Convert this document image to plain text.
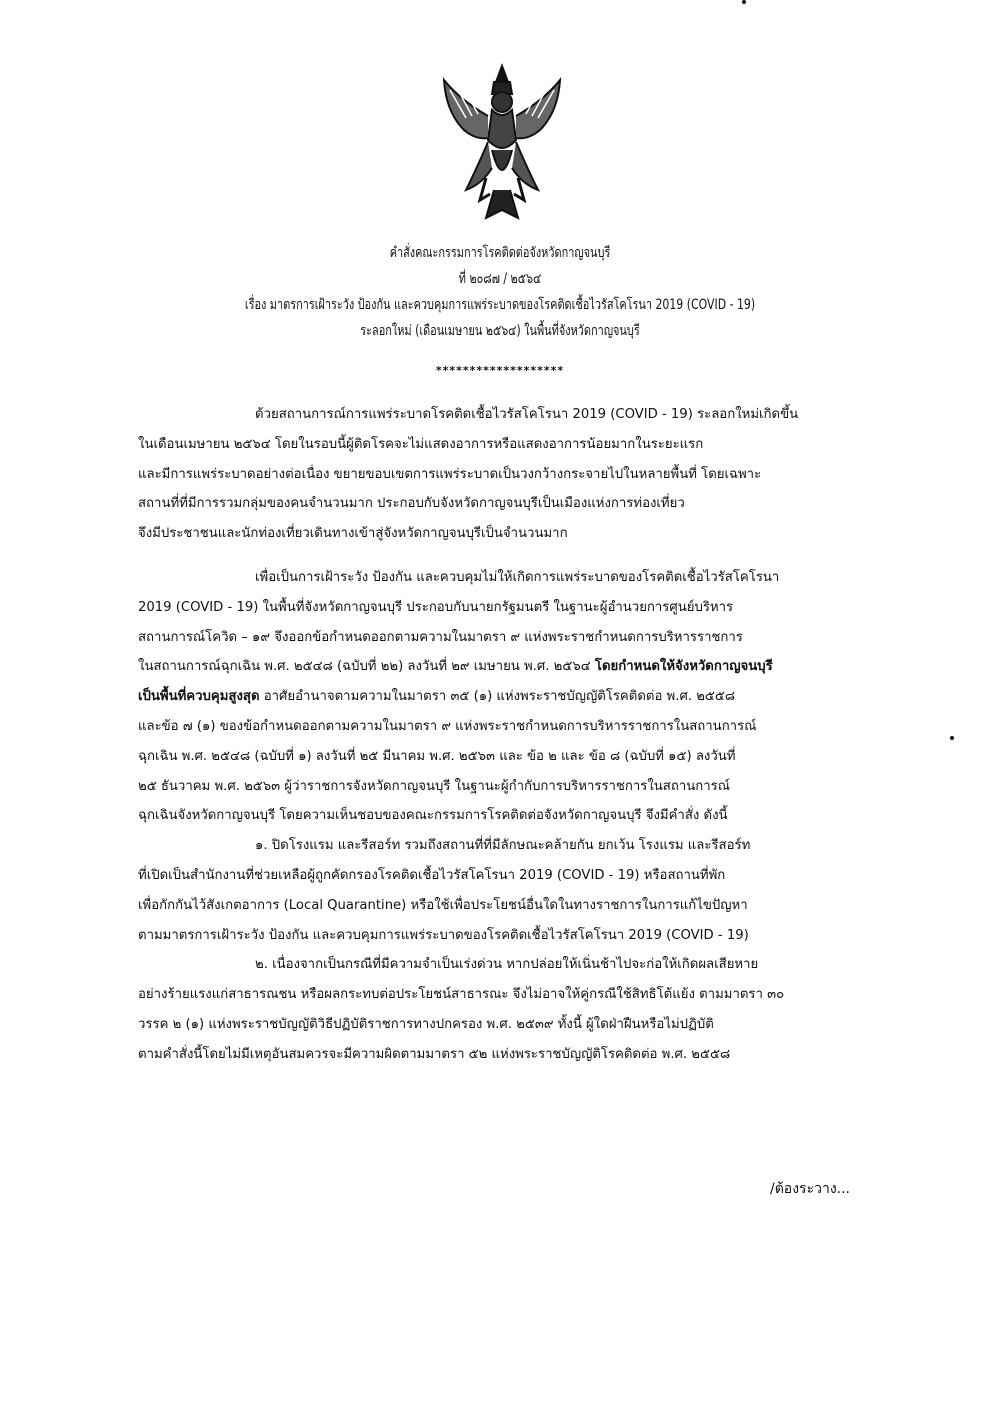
คำสั่งคณะกรรมการโรคติดต่อจังหวัดกาญจนบุรี
ที่ ๒๐๘๗ / ๒๕๖๔
เรื่อง มาตรการเฝ้าระวัง ป้องกัน และควบคุมการแพร่ระบาดของโรคติดเชื้อไวรัสโคโรนา 2019 (COVID - 19)
ระลอกใหม่ (เดือนเมษายน ๒๕๖๔) ในพื้นที่จังหวัดกาญจนบุรี
*******************
ด้วยสถานการณ์การแพร่ระบาดโรคติดเชื้อไวรัสโคโรนา 2019 (COVID - 19) ระลอกใหม่เกิดขึ้น
ในเดือนเมษายน ๒๕๖๔ โดยในรอบนี้ผู้ติดโรคจะไม่แสดงอาการหรือแสดงอาการน้อยมากในระยะแรก
และมีการแพร่ระบาดอย่างต่อเนื่อง ขยายขอบเขตการแพร่ระบาดเป็นวงกว้างกระจายไปในหลายพื้นที่ โดยเฉพาะ
สถานที่ที่มีการรวมกลุ่มของคนจำนวนมาก ประกอบกับจังหวัดกาญจนบุรีเป็นเมืองแห่งการท่องเที่ยว
จึงมีประชาชนและนักท่องเที่ยวเดินทางเข้าสู่จังหวัดกาญจนบุรีเป็นจำนวนมาก
เพื่อเป็นการเฝ้าระวัง ป้องกัน และควบคุมไม่ให้เกิดการแพร่ระบาดของโรคติดเชื้อไวรัสโคโรนา
2019 (COVID - 19) ในพื้นที่จังหวัดกาญจนบุรี ประกอบกับนายกรัฐมนตรี ในฐานะผู้อำนวยการศูนย์บริหาร
สถานการณ์โควิด – ๑๙ จึงออกข้อกำหนดออกตามความในมาตรา ๙ แห่งพระราชกำหนดการบริหารราชการ
ในสถานการณ์ฉุกเฉิน พ.ศ. ๒๕๔๘ (ฉบับที่ ๒๒) ลงวันที่ ๒๙ เมษายน พ.ศ. ๒๕๖๔ โดยกำหนดให้จังหวัดกาญจนบุรี
เป็นพื้นที่ควบคุมสูงสุด อาศัยอำนาจตามความในมาตรา ๓๕ (๑) แห่งพระราชบัญญัติโรคติดต่อ พ.ศ. ๒๕๕๘
และข้อ ๗ (๑) ของข้อกำหนดออกตามความในมาตรา ๙ แห่งพระราชกำหนดการบริหารราชการในสถานการณ์
ฉุกเฉิน พ.ศ. ๒๕๔๘ (ฉบับที่ ๑) ลงวันที่ ๒๕ มีนาคม พ.ศ. ๒๕๖๓ และ ข้อ ๒ และ ข้อ ๘ (ฉบับที่ ๑๕) ลงวันที่
๒๕ ธันวาคม พ.ศ. ๒๕๖๓ ผู้ว่าราชการจังหวัดกาญจนบุรี ในฐานะผู้กำกับการบริหารราชการในสถานการณ์
ฉุกเฉินจังหวัดกาญจนบุรี โดยความเห็นชอบของคณะกรรมการโรคติดต่อจังหวัดกาญจนบุรี จึงมีคำสั่ง ดังนี้
๑. ปิดโรงแรม และรีสอร์ท รวมถึงสถานที่ที่มีลักษณะคล้ายกัน ยกเว้น โรงแรม และรีสอร์ท
ที่เปิดเป็นสำนักงานที่ช่วยเหลือผู้ถูกคัดกรองโรคติดเชื้อไวรัสโคโรนา 2019 (COVID - 19) หรือสถานที่พัก
เพื่อกักกันไว้สังเกตอาการ (Local Quarantine) หรือใช้เพื่อประโยชน์อื่นใดในทางราชการในการแก้ไขปัญหา
ตามมาตรการเฝ้าระวัง ป้องกัน และควบคุมการแพร่ระบาดของโรคติดเชื้อไวรัสโคโรนา 2019 (COVID - 19)
๒. เนื่องจากเป็นกรณีที่มีความจำเป็นเร่งด่วน หากปล่อยให้เนิ่นช้าไปจะก่อให้เกิดผลเสียหาย
อย่างร้ายแรงแก่สาธารณชน หรือผลกระทบต่อประโยชน์สาธารณะ จึงไม่อาจให้คู่กรณีใช้สิทธิโต้แย้ง ตามมาตรา ๓๐
วรรค ๒ (๑) แห่งพระราชบัญญัติวิธีปฏิบัติราชการทางปกครอง พ.ศ. ๒๕๓๙ ทั้งนี้ ผู้ใดฝ่าฝืนหรือไม่ปฏิบัติ
ตามคำสั่งนี้โดยไม่มีเหตุอันสมควรจะมีความผิดตามมาตรา ๕๒ แห่งพระราชบัญญัติโรคติดต่อ พ.ศ. ๒๕๕๘
/ต้องระวาง...
